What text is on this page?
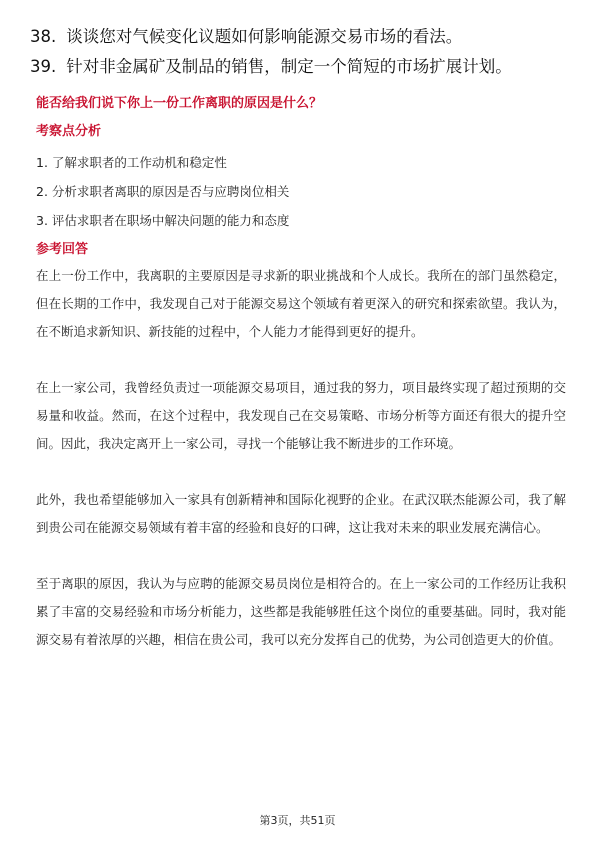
38. 谈谈您对气候变化议题如何影响能源交易市场的看法。
39. 针对非金属矿及制品的销售，制定一个简短的市场扩展计划。
能否给我们说下你上一份工作离职的原因是什么？
考察点分析
1. 了解求职者的工作动机和稳定性
2. 分析求职者离职的原因是否与应聘岗位相关
3. 评估求职者在职场中解决问题的能力和态度
参考回答

在上一份工作中，我离职的主要原因是寻求新的职业挑战和个人成长。我所在的部门虽然稳定，但在长期的工作中，我发现自己对于能源交易这个领域有着更深入的研究和探索欲望。我认为，在不断追求新知识、新技能的过程中，个人能力才能得到更好的提升。

在上一家公司，我曾经负责过一项能源交易项目，通过我的努力，项目最终实现了超过预期的交易量和收益。然而，在这个过程中，我发现自己在交易策略、市场分析等方面还有很大的提升空间。因此，我决定离开上一家公司，寻找一个能够让我不断进步的工作环境。

此外，我也希望能够加入一家具有创新精神和国际化视野的企业。在武汉联杰能源公司，我了解到贵公司在能源交易领域有着丰富的经验和良好的口碑，这让我对未来的职业发展充满信心。

至于离职的原因，我认为与应聘的能源交易员岗位是相符合的。在上一家公司的工作经历让我积累了丰富的交易经验和市场分析能力，这些都是我能够胜任这个岗位的重要基础。同时，我对能源交易有着浓厚的兴趣，相信在贵公司，我可以充分发挥自己的优势，为公司创造更大的价值。

第3页，共51页
